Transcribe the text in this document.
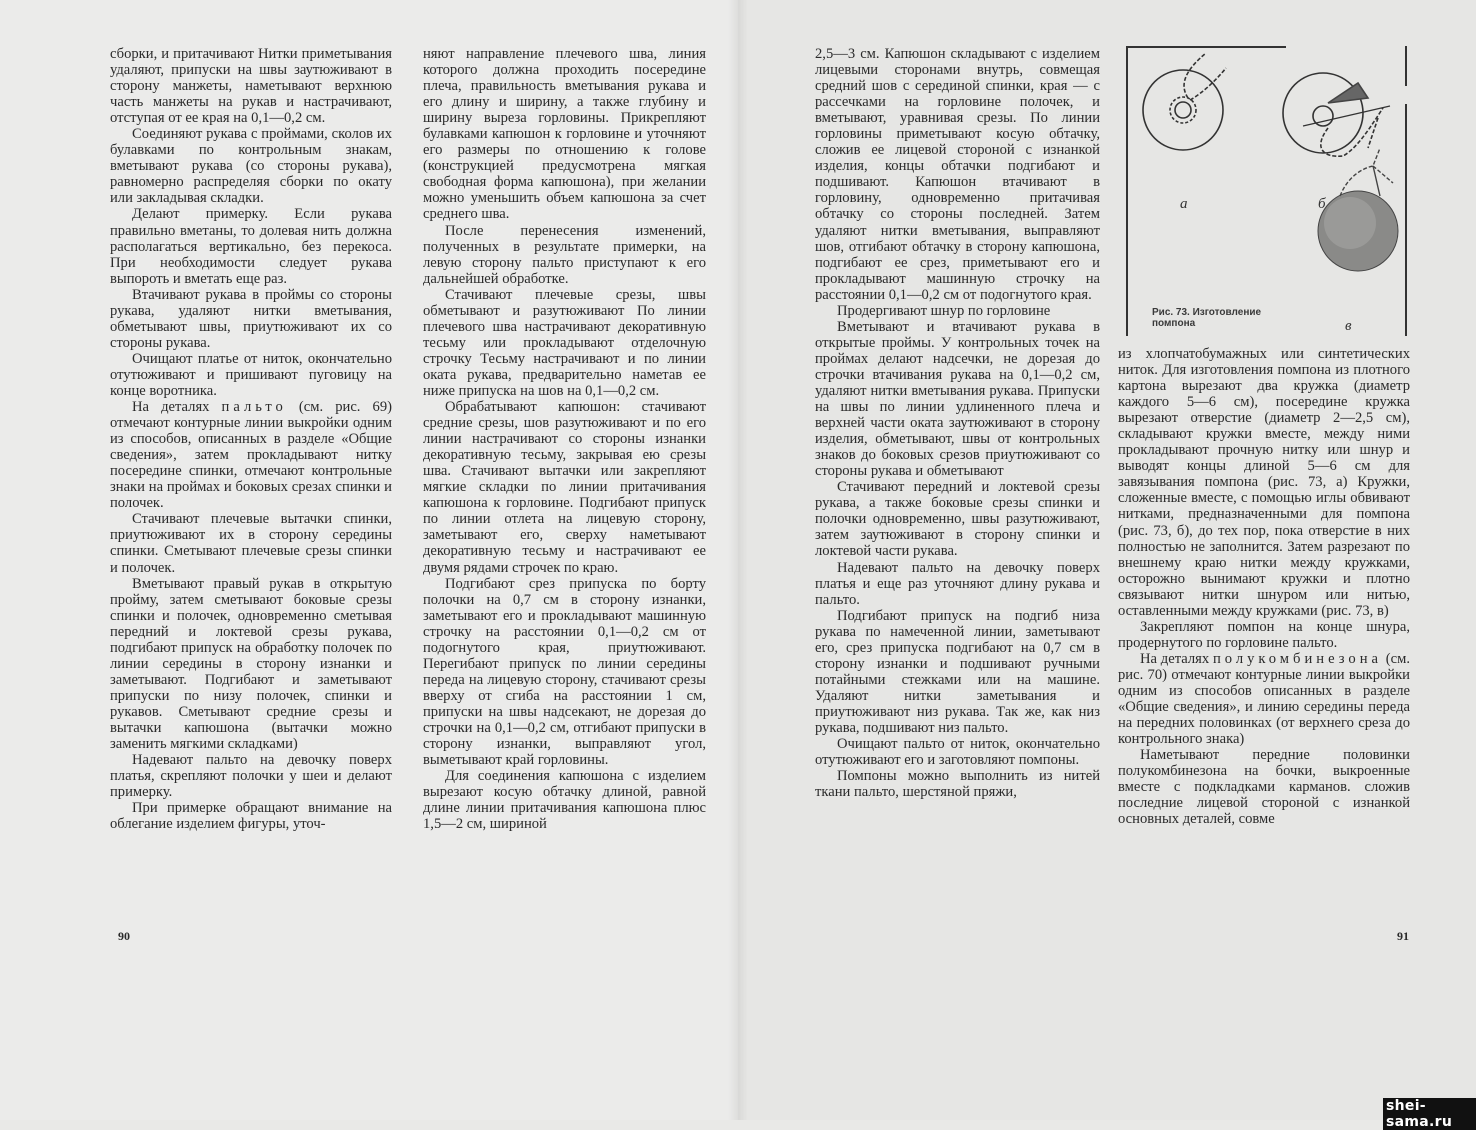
сборки, и притачивают Нитки приметывания удаляют, припуски на швы заутюживают в сторону манжеты, наметывают верхнюю часть манжеты на рукав и настрачивают, отступая от ее края на 0,1—0,2 см.

Соединяют рукава с проймами, сколов их булавками по контрольным знакам, вметывают рукава (со стороны рукава), равномерно распределяя сборки по окату или закладывая складки.

Делают примерку. Если рукава правильно вметаны, то долевая нить должна располагаться вертикально, без перекоса. При необходимости следует рукава выпороть и вметать еще раз.

Втачивают рукава в проймы со стороны рукава, удаляют нитки вметывания, обметывают швы, приутюживают их со стороны рукава.

Очищают платье от ниток, окончательно отутюживают и пришивают пуговицу на конце воротника.

На деталях пальто (см. рис. 69) отмечают контурные линии выкройки одним из способов, описанных в разделе «Общие сведения», затем прокладывают нитку посередине спинки, отмечают контрольные знаки на проймах и боковых срезах спинки и полочек.

Стачивают плечевые вытачки спинки, приутюживают их в сторону середины спинки. Сметывают плечевые срезы спинки и полочек.

Вметывают правый рукав в открытую пройму, затем сметывают боковые срезы спинки и полочек, одновременно сметывая передний и локтевой срезы рукава, подгибают припуск на обработку полочек по линии середины в сторону изнанки и заметывают. Подгибают и заметывают припуски по низу полочек, спинки и рукавов. Сметывают средние срезы и вытачки капюшона (вытачки можно заменить мягкими складками)

Надевают пальто на девочку поверх платья, скрепляют полочки у шеи и делают примерку.

При примерке обращают внимание на облегание изделием фигуры, уточ-

няют направление плечевого шва, линия которого должна проходить посередине плеча, правильность вметывания рукава и его длину и ширину, а также глубину и ширину выреза горловины. Прикрепляют булавками капюшон к горловине и уточняют его размеры по отношению к голове (конструкцией предусмотрена мягкая свободная форма капюшона), при желании можно уменьшить объем капюшона за счет среднего шва.

После перенесения изменений, полученных в результате примерки, на левую сторону пальто приступают к его дальнейшей обработке.

Стачивают плечевые срезы, швы обметывают и разутюживают По линии плечевого шва настрачивают декоративную тесьму или прокладывают отделочную строчку Тесьму настрачивают и по линии оката рукава, предварительно наметав ее ниже припуска на шов на 0,1—0,2 см.

Обрабатывают капюшон: стачивают средние срезы, шов разутюживают и по его линии настрачивают со стороны изнанки декоративную тесьму, закрывая ею срезы шва. Стачивают вытачки или закрепляют мягкие складки по линии притачивания капюшона к горловине. Подгибают припуск по линии отлета на лицевую сторону, заметывают его, сверху наметывают декоративную тесьму и настрачивают ее двумя рядами строчек по краю.

Подгибают срез припуска по борту полочки на 0,7 см в сторону изнанки, заметывают его и прокладывают машинную строчку на расстоянии 0,1—0,2 см от подогнутого края, приутюживают. Перегибают припуск по линии середины переда на лицевую сторону, стачивают срезы вверху от сгиба на расстоянии 1 см, припуски на швы надсекают, не дорезая до строчки на 0,1—0,2 см, отгибают припуски в сторону изнанки, выправляют угол, выметывают край горловины.

Для соединения капюшона с изделием вырезают косую обтачку длиной, равной длине линии притачивания капюшона плюс 1,5—2 см, шириной

2,5—3 см. Капюшон складывают с изделием лицевыми сторонами внутрь, совмещая средний шов с серединой спинки, края — с рассечками на горловине полочек, и вметывают, уравнивая срезы. По линии горловины приметывают косую обтачку, сложив ее лицевой стороной с изнанкой изделия, концы обтачки подгибают и подшивают. Капюшон втачивают в горловину, одновременно притачивая обтачку со стороны последней. Затем удаляют нитки вметывания, выправляют шов, отгибают обтачку в сторону капюшона, подгибают ее срез, приметывают его и прокладывают машинную строчку на расстоянии 0,1—0,2 см от подогнутого края.

Продергивают шнур по горловине

Вметывают и втачивают рукава в открытые проймы. У контрольных точек на проймах делают надсечки, не дорезая до строчки втачивания рукава на 0,1—0,2 см, удаляют нитки вметывания рукава. Припуски на швы по линии удлиненного плеча и верхней части оката заутюживают в сторону изделия, обметывают, швы от контрольных знаков до боковых срезов приутюживают со стороны рукава и обметывают

Стачивают передний и локтевой срезы рукава, а также боковые срезы спинки и полочки одновременно, швы разутюживают, затем заутюживают в сторону спинки и локтевой части рукава.

Надевают пальто на девочку поверх платья и еще раз уточняют длину рукава и пальто.

Подгибают припуск на подгиб низа рукава по намеченной линии, заметывают его, срез припуска подгибают на 0,7 см в сторону изнанки и подшивают ручными потайными стежками или на машине. Удаляют нитки заметывания и приутюживают низ рукава. Так же, как низ рукава, подшивают низ пальто.

Очищают пальто от ниток, окончательно отутюживают его и заготовляют помпоны.

Помпоны можно выполнить из нитей ткани пальто, шерстяной пряжи,

из хлопчатобумажных или синтетических ниток. Для изготовления помпона из плотного картона вырезают два кружка (диаметр каждого 5—6 см), посередине кружка вырезают отверстие (диаметр 2—2,5 см), складывают кружки вместе, между ними прокладывают прочную нитку или шнур и выводят концы длиной 5—6 см для завязывания помпона (рис. 73, а) Кружки, сложенные вместе, с помощью иглы обвивают нитками, предназначенными для помпона (рис. 73, б), до тех пор, пока отверстие в них полностью не заполнится. Затем разрезают по внешнему краю нитки между кружками, осторожно вынимают кружки и плотно связывают нитки шнуром или нитью, оставленными между кружками (рис. 73, в)

Закрепляют помпон на конце шнура, продернутого по горловине пальто.

На деталях полукомбинезона (см. рис. 70) отмечают контурные линии выкройки одним из способов описанных в разделе «Общие сведения», и линию середины переда на передних половинках (от верхнего среза до контрольного знака)

Наметывают передние половинки полукомбинезона на бочки, выкроенные вместе с подкладками карманов. сложив последние лицевой стороной с изнанкой основных деталей, совме

90	91
а	б
в
Рис. 73. Изготовление помпона
shei-sama.ru
